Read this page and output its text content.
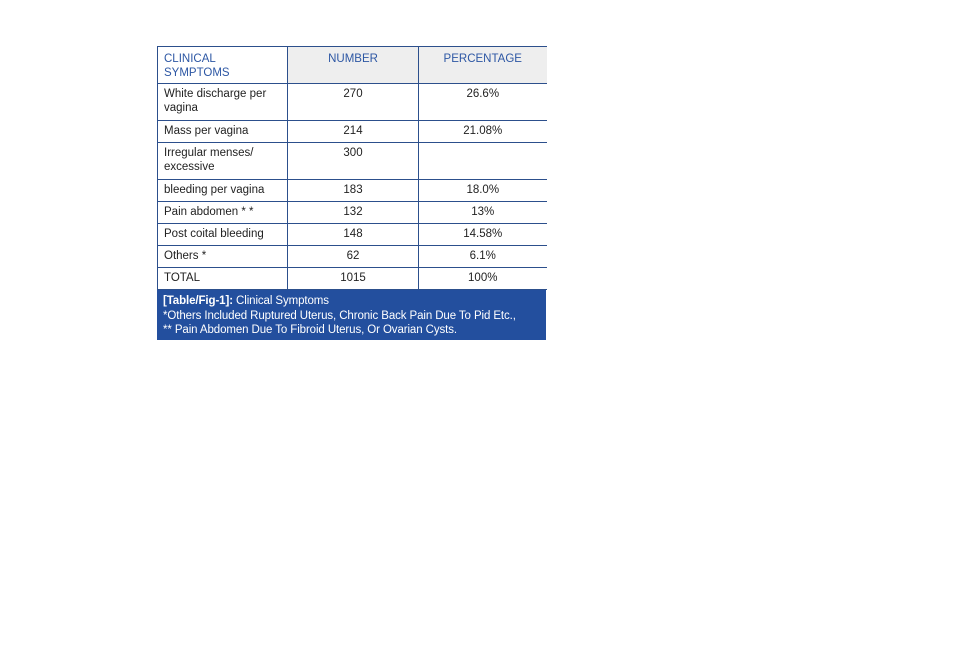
CLINICAL SYMPTOMS	NUMBER	PERCENTAGE
White discharge per vagina	270	26.6%
Mass per vagina	214	21.08%
Irregular menses/ excessive	300	
bleeding per vagina	183	18.0%
Pain abdomen * *	132	13%
Post coital bleeding	148	14.58%
Others *	62	6.1%
TOTAL	1015	100%
[Table/Fig-1]: Clinical Symptoms
*Others Included Ruptured Uterus, Chronic Back Pain Due To Pid Etc.,
** Pain Abdomen Due To Fibroid Uterus, Or Ovarian Cysts.
